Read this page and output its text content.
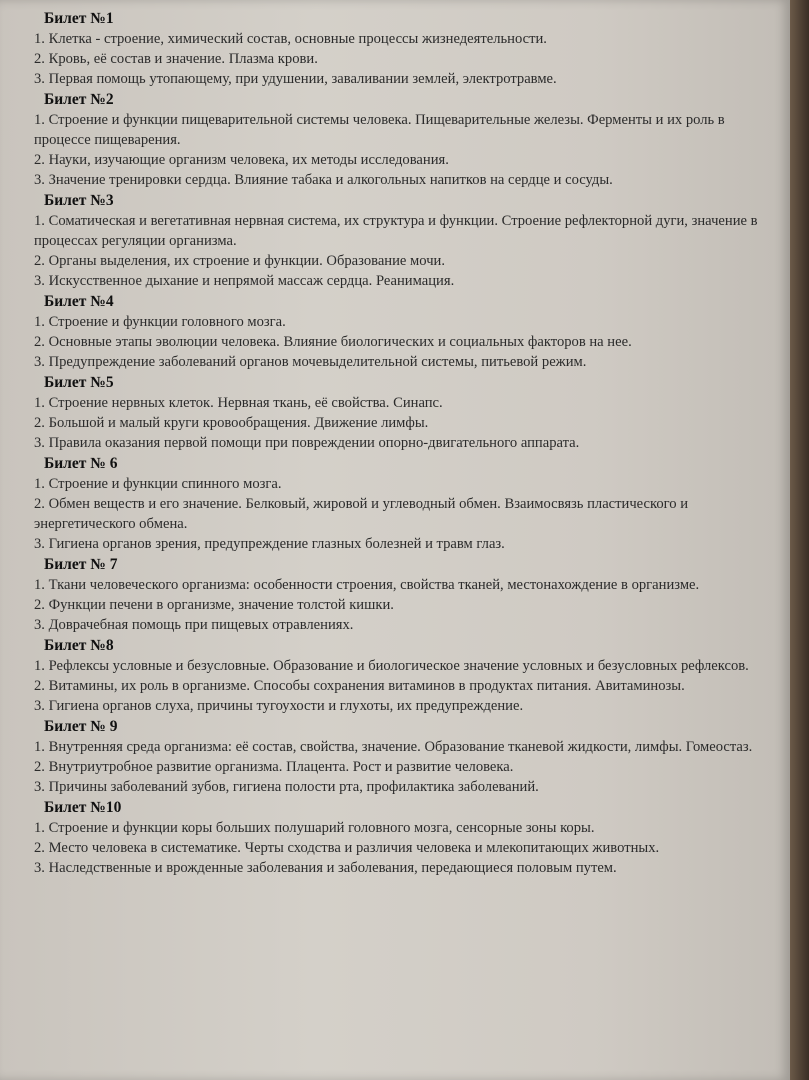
Билет №1
1. Клетка - строение, химический состав, основные процессы жизнедеятельности.
2. Кровь, её состав и значение. Плазма крови.
3. Первая помощь утопающему, при удушении, заваливании землей, электротравме.
Билет №2
1. Строение и функции пищеварительной системы человека. Пищеварительные железы. Ферменты и их роль в процессе пищеварения.
2. Науки, изучающие организм человека, их методы исследования.
3. Значение тренировки сердца. Влияние табака и алкогольных напитков на сердце и сосуды.
Билет №3
1. Соматическая и вегетативная нервная система, их структура и функции. Строение рефлекторной дуги, значение в процессах регуляции организма.
2. Органы выделения, их строение и функции. Образование мочи.
3. Искусственное дыхание и непрямой массаж сердца. Реанимация.
Билет №4
1. Строение и функции головного мозга.
2. Основные этапы эволюции человека. Влияние биологических и социальных факторов на нее.
3. Предупреждение заболеваний органов мочевыделительной системы, питьевой режим.
Билет №5
1. Строение нервных клеток. Нервная ткань, её свойства. Синапс.
2. Большой и малый круги кровообращения. Движение лимфы.
3. Правила оказания первой помощи при повреждении опорно-двигательного аппарата.
Билет № 6
1. Строение и функции спинного мозга.
2. Обмен веществ и его значение. Белковый, жировой и углеводный обмен. Взаимосвязь пластического и энергетического обмена.
3. Гигиена органов зрения, предупреждение глазных болезней и травм глаз.
Билет № 7
1. Ткани человеческого организма: особенности строения, свойства тканей, местонахождение в организме.
2. Функции печени в организме, значение толстой кишки.
3. Доврачебная помощь при пищевых отравлениях.
Билет №8
1. Рефлексы условные и безусловные. Образование и биологическое значение условных и безусловных рефлексов.
2. Витамины, их роль в организме. Способы сохранения витаминов в продуктах питания. Авитаминозы.
3. Гигиена органов слуха, причины тугоухости и глухоты, их предупреждение.
Билет № 9
1. Внутренняя среда организма: её состав, свойства, значение. Образование тканевой жидкости, лимфы. Гомеостаз.
2. Внутриутробное развитие организма. Плацента. Рост и развитие человека.
3. Причины заболеваний зубов, гигиена полости рта, профилактика заболеваний.
Билет №10
1. Строение и функции коры больших полушарий головного мозга, сенсорные зоны коры.
2. Место человека в систематике. Черты сходства и различия человека и млекопитающих животных.
3. Наследственные и врожденные заболевания и заболевания, передающиеся половым путем.
